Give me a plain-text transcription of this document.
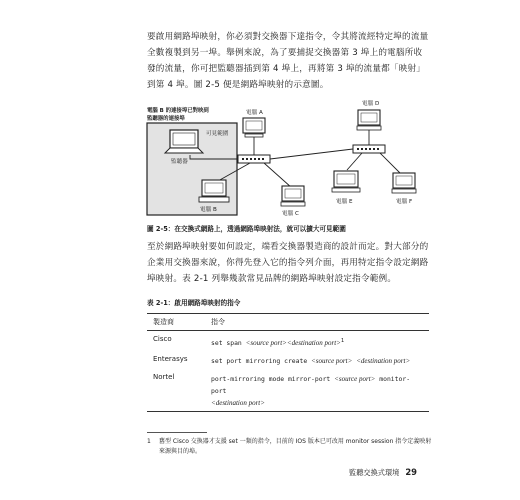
要啟用網路埠映射，你必須對交換器下達指令，令其將流經特定埠的流量全數複製到另一埠。舉例來說，為了要捕捉交換器第 3 埠上的電腦所收發的流量，你可把監聽器插到第 4 埠上，再將第 3 埠的流量都「映射」到第 4 埠。圖 2-5 便是網路埠映射的示意圖。
電腦 B 的連接埠已對映到
監聽器的連接埠
監聽器
可見範圍
電腦 A
電腦 B
電腦 C
電腦 D
電腦 E	電腦 F
圖 2-5：在交換式網路上，透過網路埠映射法，就可以擴大可見範圍
至於網路埠映射要如何設定，端看交換器製造商的設計而定。對大部分的企業用交換器來說，你得先登入它的指令列介面，再用特定指令設定網路埠映射。表 2-1 列舉幾款常見品牌的網路埠映射設定指令範例。
表 2-1：啟用網路埠映射的指令
製造商	指令
Cisco	set span <source port><destination port>$^1$
Enterasys	set port mirroring create <source port> <destination port>
Nortel	port-mirroring mode mirror-port <source port> monitor-port
<destination port>
1 舊型 Cisco 交換器才支援 set 一類的指令，目前的 IOS 版本已可改用 monitor session 指令定義映射來源與目的埠。
監聽交換式環境 29
